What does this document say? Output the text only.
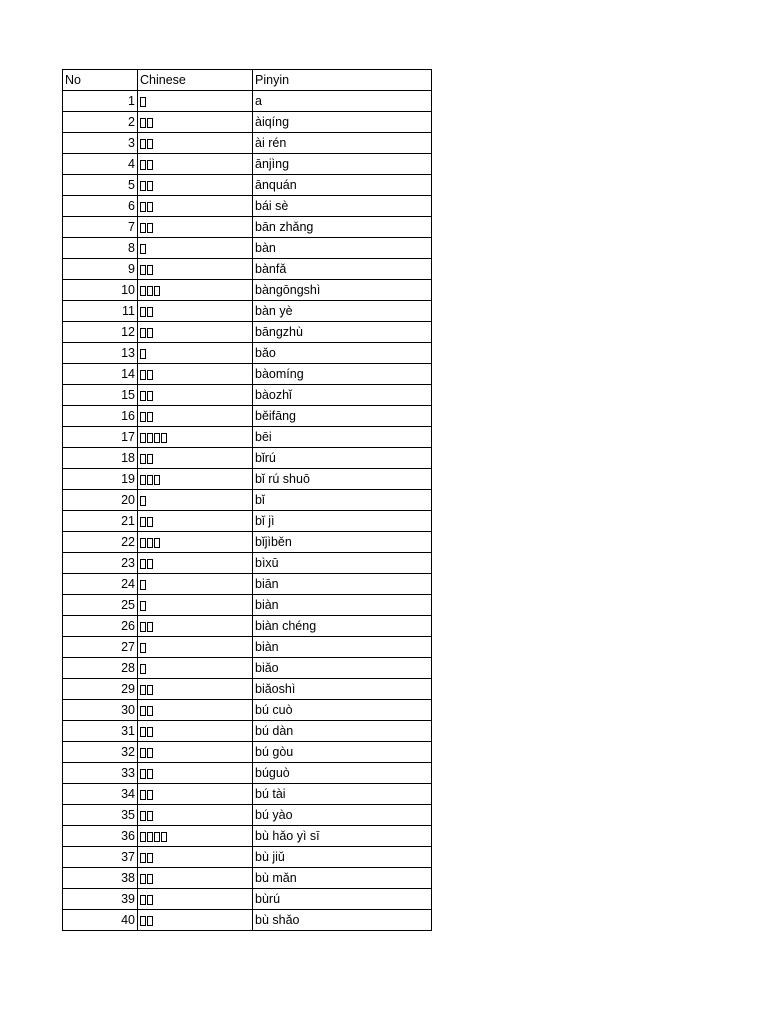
No	Chinese	Pinyin
1		a
2		àiqíng
3		ài rén
4		ānjìng
5		ānquán
6		bái sè
7		bān zhǎng
8		bàn
9		bànfǎ
10		bàngōngshì
11		bàn yè
12		bāngzhù
13		bǎo
14		bàomíng
15		bàozhǐ
16		běifāng
17		bēi
18		bǐrú
19		bǐ rú shuō
20		bǐ
21		bǐ jì
22		bǐjìběn
23		bìxū
24		biān
25		biàn
26		biàn chéng
27		biàn
28		biǎo
29		biǎoshì
30		bú cuò
31		bú dàn
32		bú gòu
33		búguò
34		bú tài
35		bú yào
36		bù hǎo yì sī
37		bù jiǔ
38		bù mǎn
39		bùrú
40		bù shǎo
